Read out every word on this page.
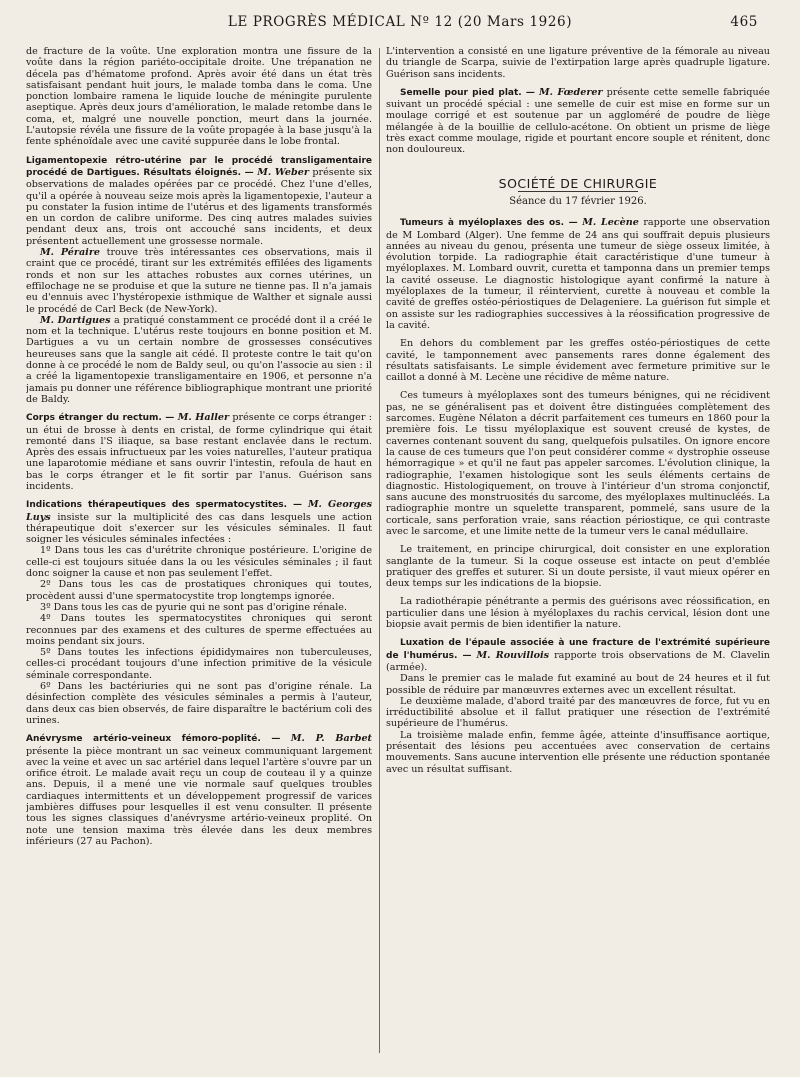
LE PROGRÈS MÉDICAL Nº 12 (20 Mars 1926)	465

de fracture de la voûte. Une exploration montra une fissure de la voûte dans la région pariéto-occipitale droite. Une trépanation ne décela pas d'hématome profond. Après avoir été dans un état très satisfaisant pendant huit jours, le malade tomba dans le coma. Une ponction lombaire ramena le liquide louche de méningite purulente aseptique. Après deux jours d'amélioration, le malade retombe dans le coma, et, malgré une nouvelle ponction, meurt dans la journée. L'autopsie révéla une fissure de la voûte propagée à la base jusqu'à la fente sphénoïdale avec une cavité suppurée dans le lobe frontal.

Ligamentopexie rétro-utérine par le procédé transligamentaire procédé de Dartigues. Résultats éloignés. — M. Weber présente six observations de malades opérées par ce procédé. Chez l'une d'elles, qu'il a opérée à nouveau seize mois après la ligamentopexie, l'auteur a pu constater la fusion intime de l'utérus et des ligaments transformés en un cordon de calibre uniforme. Des cinq autres malades suivies pendant deux ans, trois ont accouché sans incidents, et deux présentent actuellement une grossesse normale.

M. Péraire trouve très intéressantes ces observations, mais il craint que ce procédé, tirant sur les extrémités effilées des ligaments ronds et non sur les attaches robustes aux cornes utérines, un effilochage ne se produise et que la suture ne tienne pas. Il n'a jamais eu d'ennuis avec l'hystéropexie isthmique de Walther et signale aussi le procédé de Carl Beck (de New-York).

M. Dartigues a pratiqué constamment ce procédé dont il a créé le nom et la technique. L'utérus reste toujours en bonne position et M. Dartigues a vu un certain nombre de grossesses consécutives heureuses sans que la sangle ait cédé. Il proteste contre le tait qu'on donne à ce procédé le nom de Baldy seul, ou qu'on l'associe au sien : il a créé la ligamentopexie transligamentaire en 1906, et personne n'a jamais pu donner une référence bibliographique montrant une priorité de Baldy.

Corps étranger du rectum. — M. Haller présente ce corps étranger : un étui de brosse à dents en cristal, de forme cylindrique qui était remonté dans l'S iliaque, sa base restant enclavée dans le rectum. Après des essais infructueux par les voies naturelles, l'auteur pratiqua une laparotomie médiane et sans ouvrir l'intestin, refoula de haut en bas le corps étranger et le fit sortir par l'anus. Guérison sans incidents.

Indications thérapeutiques des spermatocystites. — M. Georges Luys insiste sur la multiplicité des cas dans lesquels une action thérapeutique doit s'exercer sur les vésicules séminales. Il faut soigner les vésicules séminales infectées :

1º Dans tous les cas d'urétrite chronique postérieure. L'origine de celle-ci est toujours située dans la ou les vésicules séminales ; il faut donc soigner la cause et non pas seulement l'effet.

2º Dans tous les cas de prostatiques chroniques qui toutes, procèdent aussi d'une spermatocystite trop longtemps ignorée.

3º Dans tous les cas de pyurie qui ne sont pas d'origine rénale.

4º Dans toutes les spermatocystites chroniques qui seront reconnues par des examens et des cultures de sperme effectuées au moins pendant six jours.

5º Dans toutes les infections épididymaires non tuberculeuses, celles-ci procédant toujours d'une infection primitive de la vésicule séminale correspondante.

6º Dans les bactériuries qui ne sont pas d'origine rénale. La désinfection complète des vésicules séminales a permis à l'auteur, dans deux cas bien observés, de faire disparaître le bactérium coli des urines.

Anévrysme artério-veineux fémoro-poplité. — M. P. Barbet présente la pièce montrant un sac veineux communiquant largement avec la veine et avec un sac artériel dans lequel l'artère s'ouvre par un orifice étroit. Le malade avait reçu un coup de couteau il y a quinze ans. Depuis, il a mené une vie normale sauf quelques troubles cardiaques intermittents et un développement progressif de varices jambières diffuses pour lesquelles il est venu consulter. Il présente tous les signes classiques d'anévrysme artério-veineux proplité. On note une tension maxima très élevée dans les deux membres inférieurs (27 au Pachon).

L'intervention a consisté en une ligature préventive de la fémorale au niveau du triangle de Scarpa, suivie de l'extirpation large après quadruple ligature. Guérison sans incidents.

Semelle pour pied plat. — M. Fœderer présente cette semelle fabriquée suivant un procédé spécial : une semelle de cuir est mise en forme sur un moulage corrigé et est soutenue par un aggloméré de poudre de liège mélangée à de la bouillie de cellulo-acétone. On obtient un prisme de liège très exact comme moulage, rigide et pourtant encore souple et rénitent, donc non douloureux.

SOCIÉTÉ DE CHIRURGIE
Séance du 17 février 1926.

Tumeurs à myéloplaxes des os. — M. Lecène rapporte une observation de M Lombard (Alger). Une femme de 24 ans qui souffrait depuis plusieurs années au niveau du genou, présenta une tumeur de siège osseux limitée, à évolution torpide. La radiographie était caractéristique d'une tumeur à myéloplaxes. M. Lombard ouvrit, curetta et tamponna dans un premier temps la cavité osseuse. Le diagnostic histologique ayant confirmé la nature à myéloplaxes de la tumeur, il réintervient, curette à nouveau et comble la cavité de greffes ostéo-périostiques de Delageniere. La guérison fut simple et on assiste sur les radiographies successives à la réossification progressive de la cavité.

En dehors du comblement par les greffes ostéo-périostiques de cette cavité, le tamponnement avec pansements rares donne également des résultats satisfaisants. Le simple évidement avec fermeture primitive sur le caillot a donné à M. Lecène une récidive de même nature.

Ces tumeurs à myéloplaxes sont des tumeurs bénignes, qui ne récidivent pas, ne se généralisent pas et doivent être distinguées complètement des sarcomes. Eugène Nélaton a décrit parfaitement ces tumeurs en 1860 pour la première fois. Le tissu myéloplaxique est souvent creusé de kystes, de cavernes contenant souvent du sang, quelquefois pulsatiles. On ignore encore la cause de ces tumeurs que l'on peut considérer comme « dystrophie osseuse hémorragique » et qu'il ne faut pas appeler sarcomes. L'évolution clinique, la radiographie, l'examen histologique sont les seuls éléments certains de diagnostic. Histologiquement, on trouve à l'intérieur d'un stroma conjonctif, sans aucune des monstruosités du sarcome, des myéloplaxes multinucléés. La radiographie montre un squelette transparent, pommelé, sans usure de la corticale, sans perforation vraie, sans réaction périostique, ce qui contraste avec le sarcome, et une limite nette de la tumeur vers le canal médullaire.

Le traitement, en principe chirurgical, doit consister en une exploration sanglante de la tumeur. Si la coque osseuse est intacte on peut d'emblée pratiquer des greffes et suturer. Si un doute persiste, il vaut mieux opérer en deux temps sur les indications de la biopsie.

La radiothérapie pénétrante a permis des guérisons avec réossification, en particulier dans une lésion à myéloplaxes du rachis cervical, lésion dont une biopsie avait permis de bien identifier la nature.

Luxation de l'épaule associée à une fracture de l'extrémité supérieure de l'humérus. — M. Rouvillois rapporte trois observations de M. Clavelin (armée).

Dans le premier cas le malade fut examiné au bout de 24 heures et il fut possible de réduire par manœuvres externes avec un excellent résultat.

Le deuxième malade, d'abord traité par des manœuvres de force, fut vu en irréductibilité absolue et il fallut pratiquer une résection de l'extrémité supérieure de l'humérus.

La troisième malade enfin, femme âgée, atteinte d'insuffisance aortique, présentait des lésions peu accentuées avec conservation de certains mouvements. Sans aucune intervention elle présente une réduction spontanée avec un résultat suffisant.
